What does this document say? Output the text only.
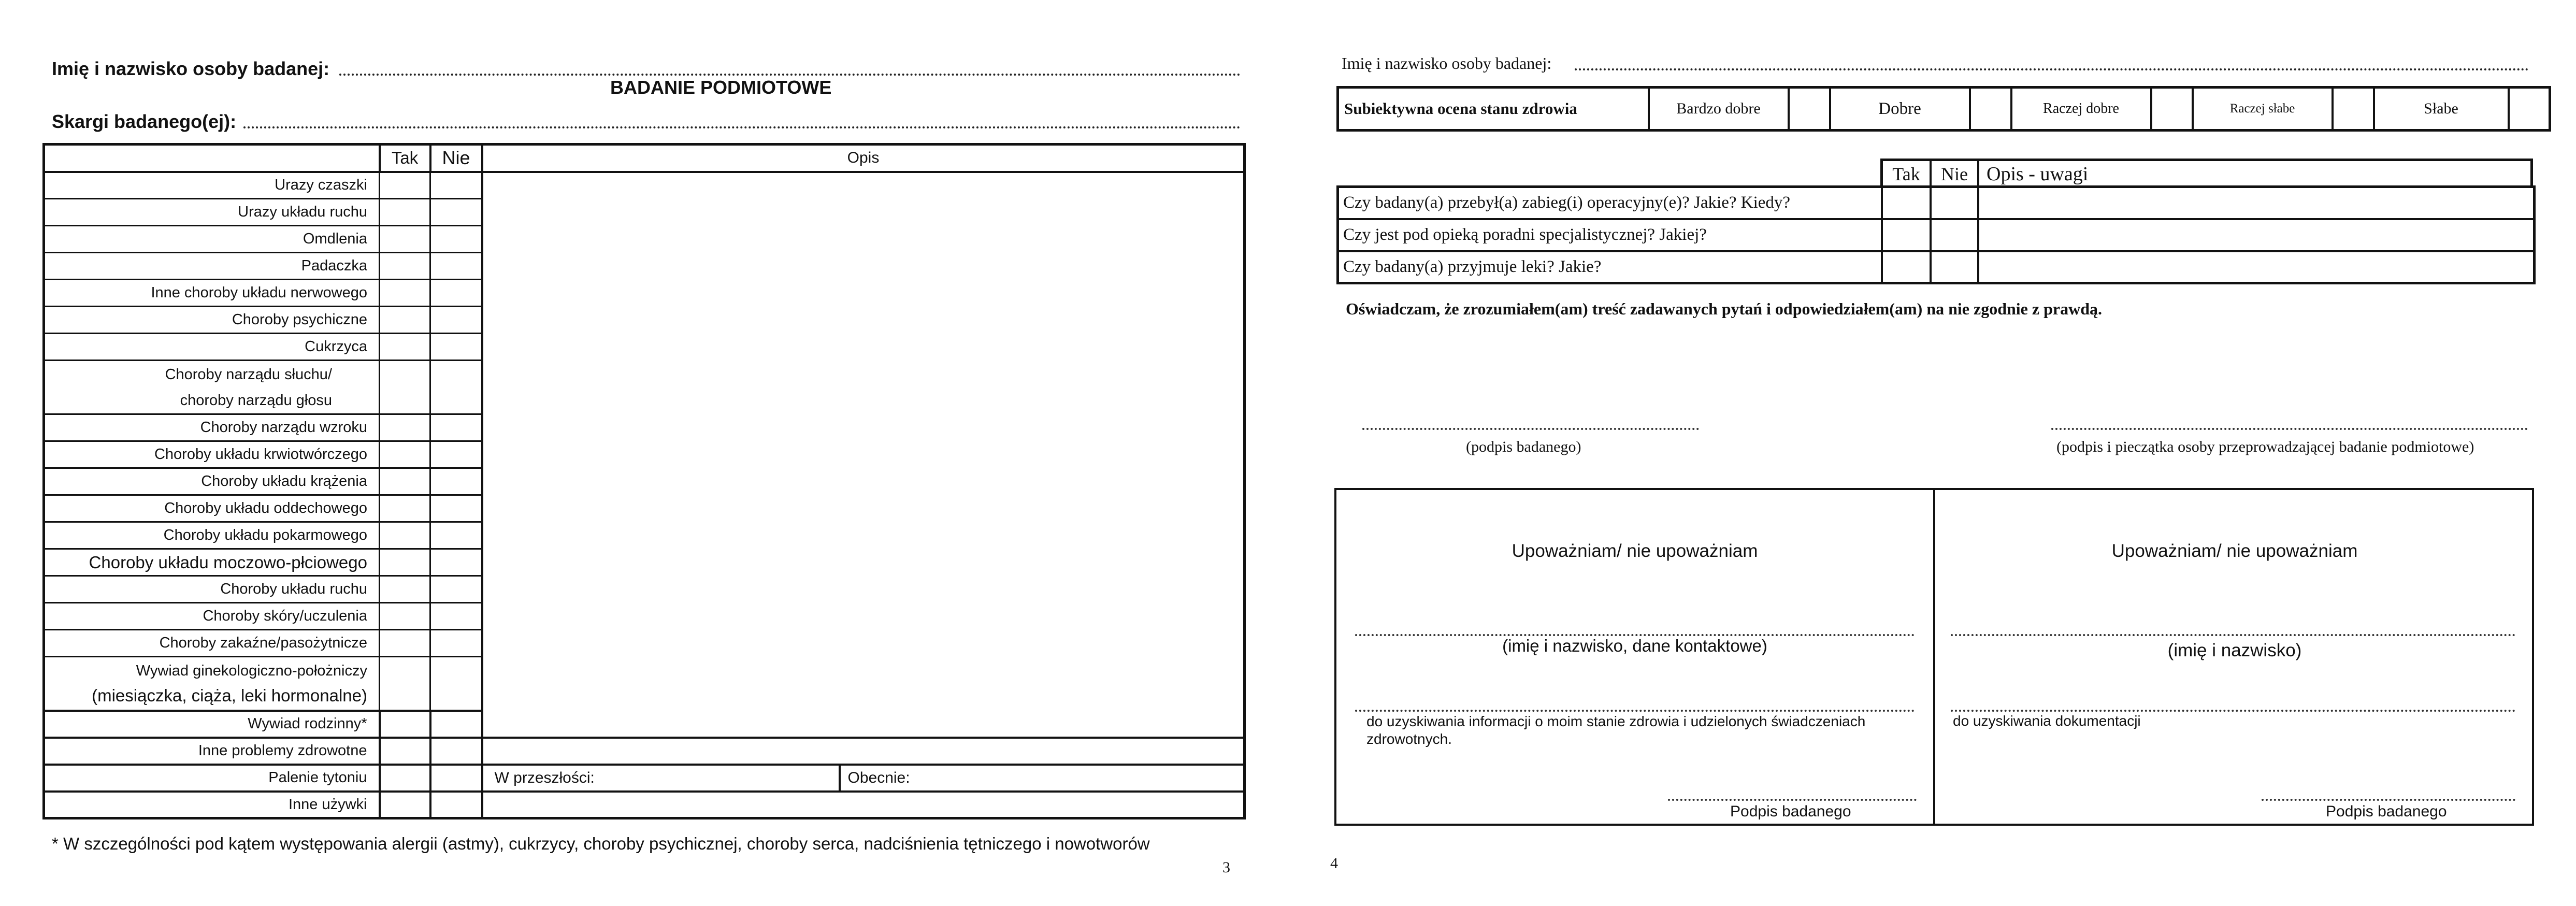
Imię i nazwisko osoby badanej:
BADANIE PODMIOTOWE
Skargi badanego(ej):
	Tak	Nie	Opis		
Urazy czaszki					
Urazy układu ruchu					
Omdlenia					
Padaczka					
Inne choroby układu nerwowego					
Choroby psychiczne					
Cukrzyca					

Choroby narządu słuchu/
choroby narządu głosu					

Choroby narządu wzroku					
Choroby układu krwiotwórczego					
Choroby układu krążenia					
Choroby układu oddechowego					
Choroby układu pokarmowego					
Choroby układu moczowo-płciowego					
Choroby układu ruchu					
Choroby skóry/uczulenia					
Choroby zakaźne/pasożytnicze					

Wywiad ginekologiczno-położniczy
(miesiączka, ciąża, leki hormonalne)					

Wywiad rodzinny*					
Inne problemy zdrowotne					
Palenie tytoniu			W przeszłości:	Obecnie:	
Inne używki					
* W szczególności pod kątem występowania alergii (astmy), cukrzycy, choroby psychicznej, choroby serca, nadciśnienia tętniczego i nowotworów
3
Imię i nazwisko osoby badanej:
Subiektywna ocena stanu zdrowia	Bardzo dobre		Dobre		Raczej dobre		Raczej słabe		Słabe	
Tak	Nie Opis - uwagi
Czy badany(a) przebył(a) zabieg(i) operacyjny(e)? Jakie? Kiedy?			
Czy jest pod opieką poradni specjalistycznej? Jakiej?			
Czy badany(a) przyjmuje leki? Jakie?			
Oświadczam, że zrozumiałem(am) treść zadawanych pytań i odpowiedziałem(am) na nie zgodnie z prawdą.
(podpis badanego)	(podpis i pieczątka osoby przeprowadzającej badanie podmiotowe)
Upoważniam/ nie upoważniam
(imię i nazwisko, dane kontaktowe)
do uzyskiwania informacji o moim stanie zdrowia i udzielonych świadczeniach zdrowotnych.
Podpis badanego
Upoważniam/ nie upoważniam
(imię i nazwisko)
do uzyskiwania dokumentacji
Podpis badanego
4
